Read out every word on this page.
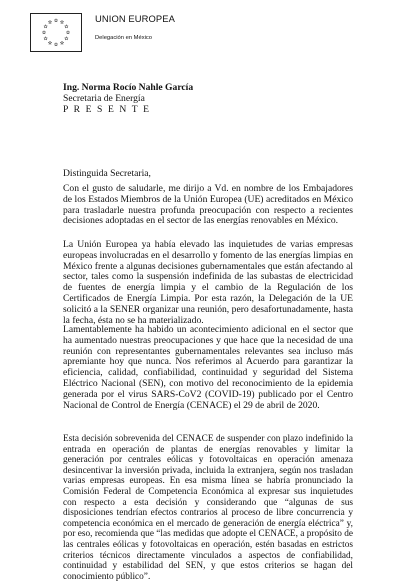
UNION EUROPEA
Delegación en México
Ing. Norma Rocío Nahle García
Secretaria de Energía
P R E S E N T E
Distinguida Secretaria,

Con el gusto de saludarle, me dirijo a Vd. en nombre de los Embajadores de los Estados Miembros de la Unión Europea (UE) acreditados en México para trasladarle nuestra profunda preocupación con respecto a recientes decisiones adoptadas en el sector de las energías renovables en México.

La Unión Europea ya había elevado las inquietudes de varias empresas europeas involucradas en el desarrollo y fomento de las energías limpias en México frente a algunas decisiones gubernamentales que están afectando al sector, tales como la suspensión indefinida de las subastas de electricidad de fuentes de energía limpia y el cambio de la Regulación de los Certificados de Energía Limpia. Por esta razón, la Delegación de la UE solicitó a la SENER organizar una reunión, pero desafortunadamente, hasta la fecha, ésta no se ha materializado.

Lamentablemente ha habido un acontecimiento adicional en el sector que ha aumentado nuestras preocupaciones y que hace que la necesidad de una reunión con representantes gubernamentales relevantes sea incluso más apremiante hoy que nunca. Nos referimos al Acuerdo para garantizar la eficiencia, calidad, confiabilidad, continuidad y seguridad del Sistema Eléctrico Nacional (SEN), con motivo del reconocimiento de la epidemia generada por el virus SARS-CoV2 (COVID-19) publicado por el Centro Nacional de Control de Energía (CENACE) el 29 de abril de 2020.

Esta decisión sobrevenida del CENACE de suspender con plazo indefinido la entrada en operación de plantas de energías renovables y limitar la generación por centrales eólicas y fotovoltaicas en operación amenaza desincentivar la inversión privada, incluida la extranjera, según nos trasladan varias empresas europeas. En esa misma línea se habría pronunciado la Comisión Federal de Competencia Económica al expresar sus inquietudes con respecto a esta decisión y considerando que “algunas de sus disposiciones tendrían efectos contrarios al proceso de libre concurrencia y competencia económica en el mercado de generación de energía eléctrica” y, por eso, recomienda que “las medidas que adopte el CENACE, a propósito de las centrales eólicas y fotovoltaicas en operación, estén basadas en estrictos criterios técnicos directamente vinculados a aspectos de confiabilidad, continuidad y estabilidad del SEN, y que estos criterios se hagan del conocimiento público”.
